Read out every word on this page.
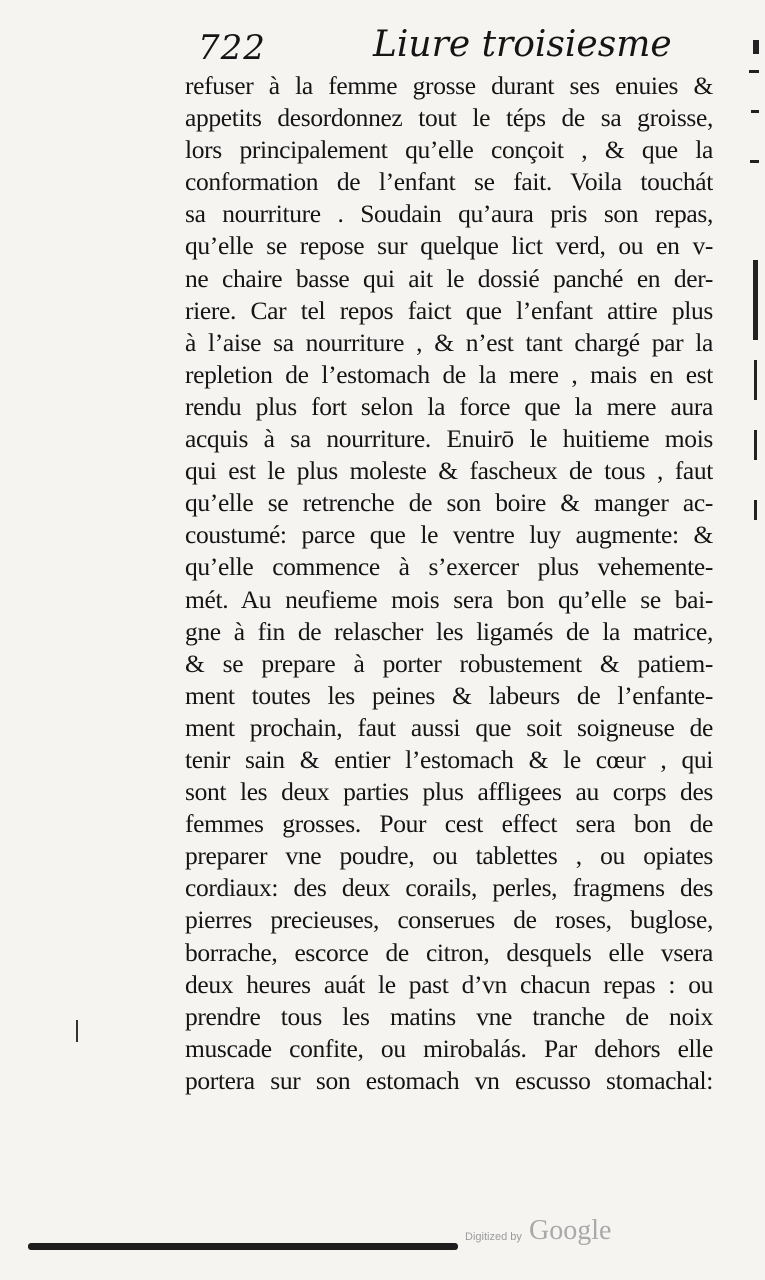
722	Liure troisiesme
refuser à la femme grosse durant ses enuies &
appetits desordonnez tout le téps de sa groisse,
lors principalement qu’elle conçoit , & que la
conformation de l’enfant se fait. Voila touchát
sa nourriture . Soudain qu’aura pris son repas,
qu’elle se repose sur quelque lict verd, ou en v-
ne chaire basse qui ait le dossié panché en der-
riere. Car tel repos faict que l’enfant attire plus
à l’aise sa nourriture , & n’est tant chargé par la
repletion de l’estomach de la mere , mais en est
rendu plus fort selon la force que la mere aura
acquis à sa nourriture. Enuirō le huitieme mois
qui est le plus moleste & fascheux de tous , faut
qu’elle se retrenche de son boire & manger ac-
coustumé: parce que le ventre luy augmente: &
qu’elle commence à s’exercer plus vehemente-
mét. Au neufieme mois sera bon qu’elle se bai-
gne à fin de relascher les ligamés de la matrice,
& se prepare à porter robustement & patiem-
ment toutes les peines & labeurs de l’enfante-
ment prochain, faut aussi que soit soigneuse de
tenir sain & entier l’estomach & le cœur , qui
sont les deux parties plus affligees au corps des
femmes grosses. Pour cest effect sera bon de
preparer vne poudre, ou tablettes , ou opiates
cordiaux: des deux corails, perles, fragmens des
pierres precieuses, conserues de roses, buglose,
borrache, escorce de citron, desquels elle vsera
deux heures auát le past d’vn chacun repas : ou
prendre tous les matins vne tranche de noix
muscade confite, ou mirobalás. Par dehors elle
portera sur son estomach vn escusso stomachal:
Digitized by Google
